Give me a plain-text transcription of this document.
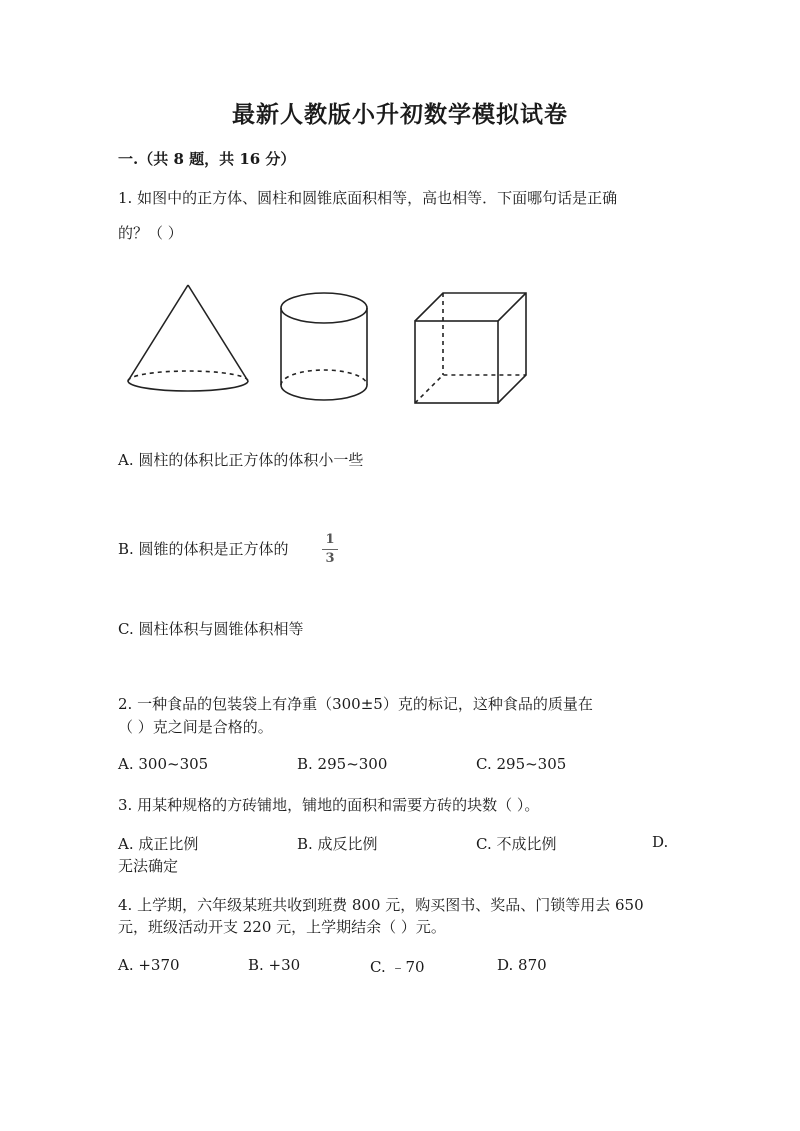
最新人教版小升初数学模拟试卷
一.（共 8 题，共 16 分）
1. 如图中的正方体、圆柱和圆锥底面积相等，高也相等．下面哪句话是正确
的？（ ）
A. 圆柱的体积比正方体的体积小一些
B. 圆锥的体积是正方体的
1
3
C. 圆柱体积与圆锥体积相等
2. 一种食品的包装袋上有净重（300±5）克的标记，这种食品的质量在
（ ）克之间是合格的。
A. 300~305	B. 295~300	C. 295~305
3. 用某种规格的方砖铺地，铺地的面积和需要方砖的块数（ ）。
A. 成正比例	B. 成反比例	C. 不成比例	D.
无法确定
4. 上学期，六年级某班共收到班费 800 元，购买图书、奖品、门锁等用去 650
元，班级活动开支 220 元，上学期结余（ ）元。
A. +370	B. +30	C. ﹣70	D. 870
